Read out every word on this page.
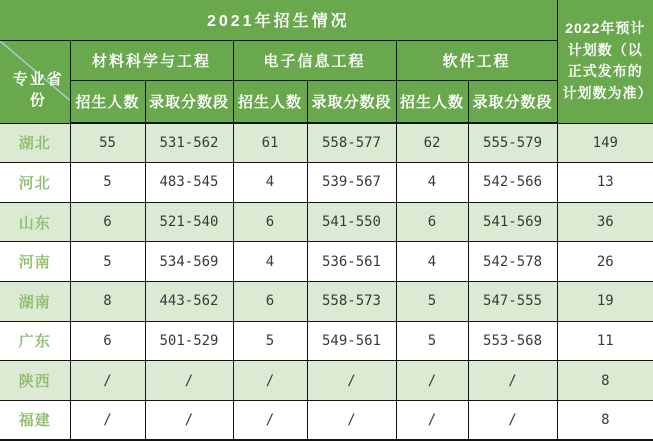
2021年招生情况							2022年预计计划数（以正式发布的计划数为准）

专业省份	材料科学与工程		电子信息工程		软件工程		
	招生人数	录取分数段	招生人数	录取分数段	招生人数	录取分数段	
湖北	55	531-562	61	558-577	62	555-579	149
河北	5	483-545	4	539-567	4	542-566	13
山东	6	521-540	6	541-550	6	541-569	36
河南	5	534-569	4	536-561	4	542-578	26
湖南	8	443-562	6	558-573	5	547-555	19
广东	6	501-529	5	549-561	5	553-568	11
陕西	/	/	/	/	/	/	8
福建	/	/	/	/	/	/	8
